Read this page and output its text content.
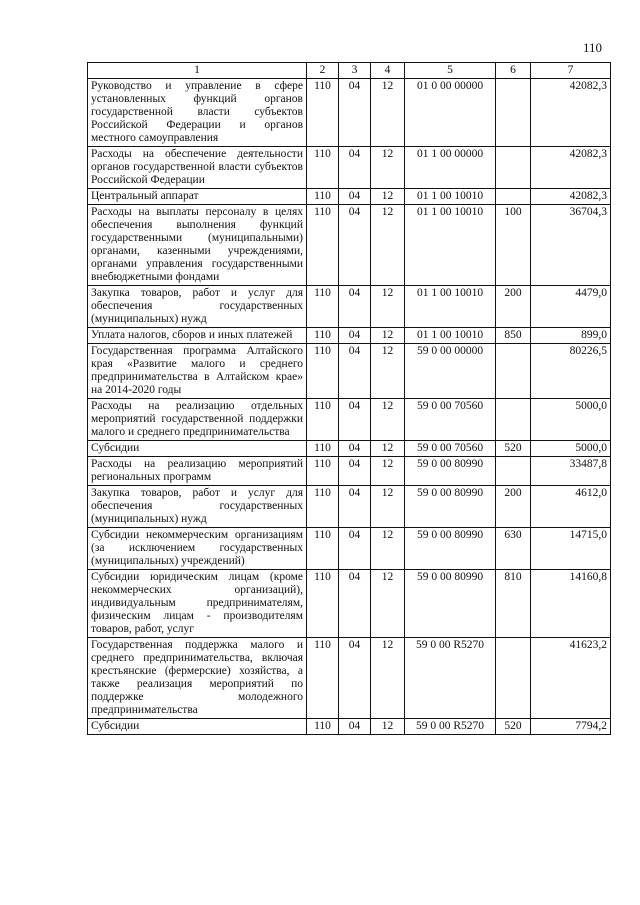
110
1	2	3	4	5	6	7
Руководство и управление в сфере установленных функций органов государственной власти субъектов Российской Федерации и органов местного самоуправления	110	04	12	01 0 00 00000		42082,3
Расходы на обеспечение деятельности органов государственной власти субъектов Российской Федерации	110	04	12	01 1 00 00000		42082,3
Центральный аппарат	110	04	12	01 1 00 10010		42082,3
Расходы на выплаты персоналу в целях обеспечения выполнения функций государственными (муниципальными) органами, казенными учреждениями, органами управления государственными внебюджетными фондами	110	04	12	01 1 00 10010	100	36704,3
Закупка товаров, работ и услуг для обеспечения государственных (муниципальных) нужд	110	04	12	01 1 00 10010	200	4479,0
Уплата налогов, сборов и иных платежей	110	04	12	01 1 00 10010	850	899,0
Государственная программа Алтайского края «Развитие малого и среднего предпринимательства в Алтайском крае» на 2014-2020 годы	110	04	12	59 0 00 00000		80226,5
Расходы на реализацию отдельных мероприятий государственной поддержки малого и среднего предпринимательства	110	04	12	59 0 00 70560		5000,0
Субсидии	110	04	12	59 0 00 70560	520	5000,0
Расходы на реализацию мероприятий региональных программ	110	04	12	59 0 00 80990		33487,8
Закупка товаров, работ и услуг для обеспечения государственных (муниципальных) нужд	110	04	12	59 0 00 80990	200	4612,0
Субсидии некоммерческим организациям (за исключением государственных (муниципальных) учреждений)	110	04	12	59 0 00 80990	630	14715,0
Субсидии юридическим лицам (кроме некоммерческих организаций), индивидуальным предпринимателям, физическим лицам - производителям товаров, работ, услуг	110	04	12	59 0 00 80990	810	14160,8
Государственная поддержка малого и среднего предпринимательства, включая крестьянские (фермерские) хозяйства, а также реализация мероприятий по поддержке молодежного предпринимательства	110	04	12	59 0 00 R5270		41623,2
Субсидии	110	04	12	59 0 00 R5270	520	7794,2
